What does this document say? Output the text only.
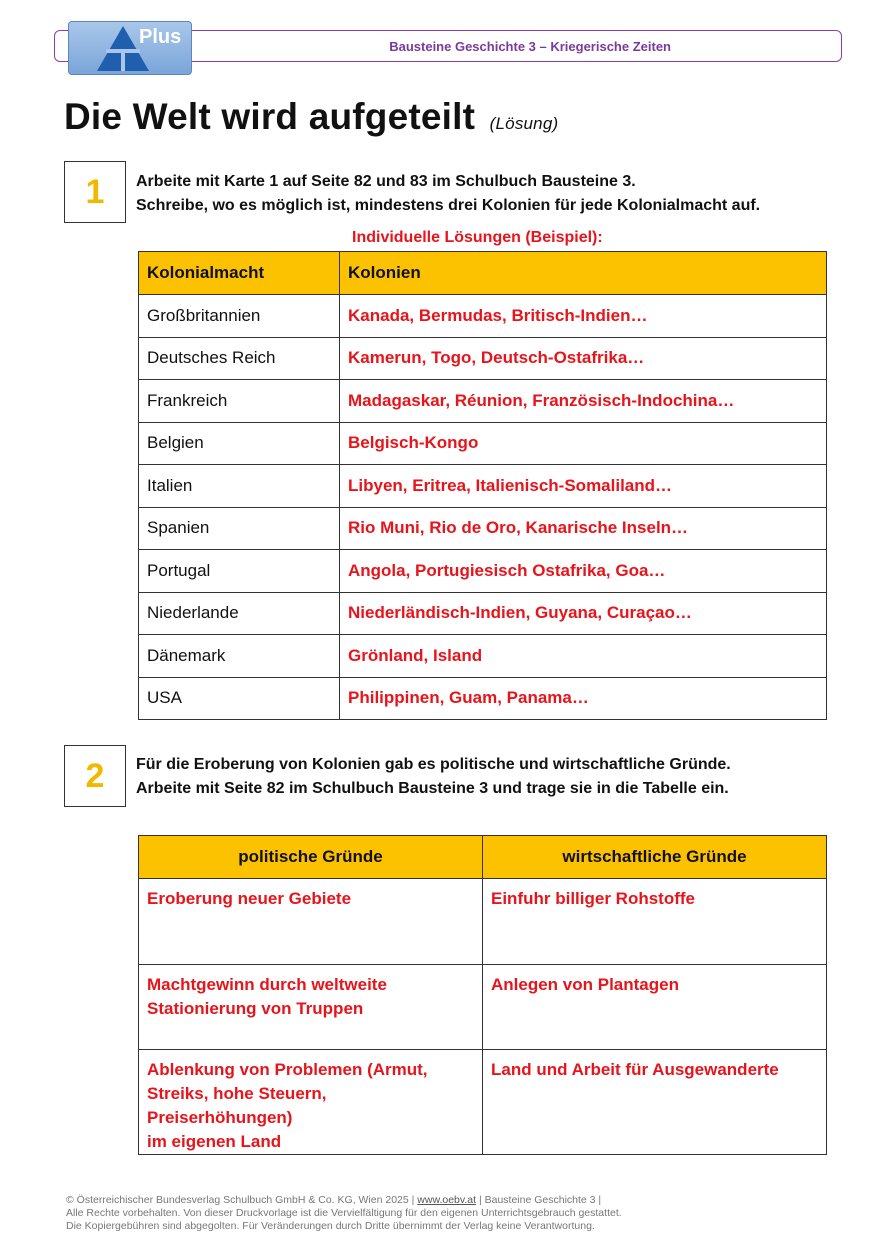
Bausteine Geschichte 3 – Kriegerische Zeiten
Plus
Die Welt wird aufgeteilt (Lösung)
1	Arbeite mit Karte 1 auf Seite 82 und 83 im Schulbuch Bausteine 3.
Schreibe, wo es möglich ist, mindestens drei Kolonien für jede Kolonialmacht auf.
Individuelle Lösungen (Beispiel):
Kolonialmacht	Kolonien
Großbritannien	Kanada, Bermudas, Britisch-Indien…
Deutsches Reich	Kamerun, Togo, Deutsch-Ostafrika…
Frankreich	Madagaskar, Réunion, Französisch-Indochina…
Belgien	Belgisch-Kongo
Italien	Libyen, Eritrea, Italienisch-Somaliland…
Spanien	Rio Muni, Rio de Oro, Kanarische Inseln…
Portugal	Angola, Portugiesisch Ostafrika, Goa…
Niederlande	Niederländisch-Indien, Guyana, Curaçao…
Dänemark	Grönland, Island
USA	Philippinen, Guam, Panama…
2	Für die Eroberung von Kolonien gab es politische und wirtschaftliche Gründe.
Arbeite mit Seite 82 im Schulbuch Bausteine 3 und trage sie in die Tabelle ein.
politische Gründe	wirtschaftliche Gründe

Eroberung neuer Gebiete	Einfuhr billiger Rohstoffe

Machtgewinn durch weltweite
Stationierung von Truppen	Anlegen von Plantagen

Ablenkung von Problemen (Armut,
Streiks, hohe Steuern, Preiserhöhungen)
im eigenen Land	Land und Arbeit für Ausgewanderte
© Österreichischer Bundesverlag Schulbuch GmbH & Co. KG, Wien 2025 | www.oebv.at | Bausteine Geschichte 3 |
Alle Rechte vorbehalten. Von dieser Druckvorlage ist die Vervielfältigung für den eigenen Unterrichtsgebrauch gestattet.
Die Kopiergebühren sind abgegolten. Für Veränderungen durch Dritte übernimmt der Verlag keine Verantwortung.
